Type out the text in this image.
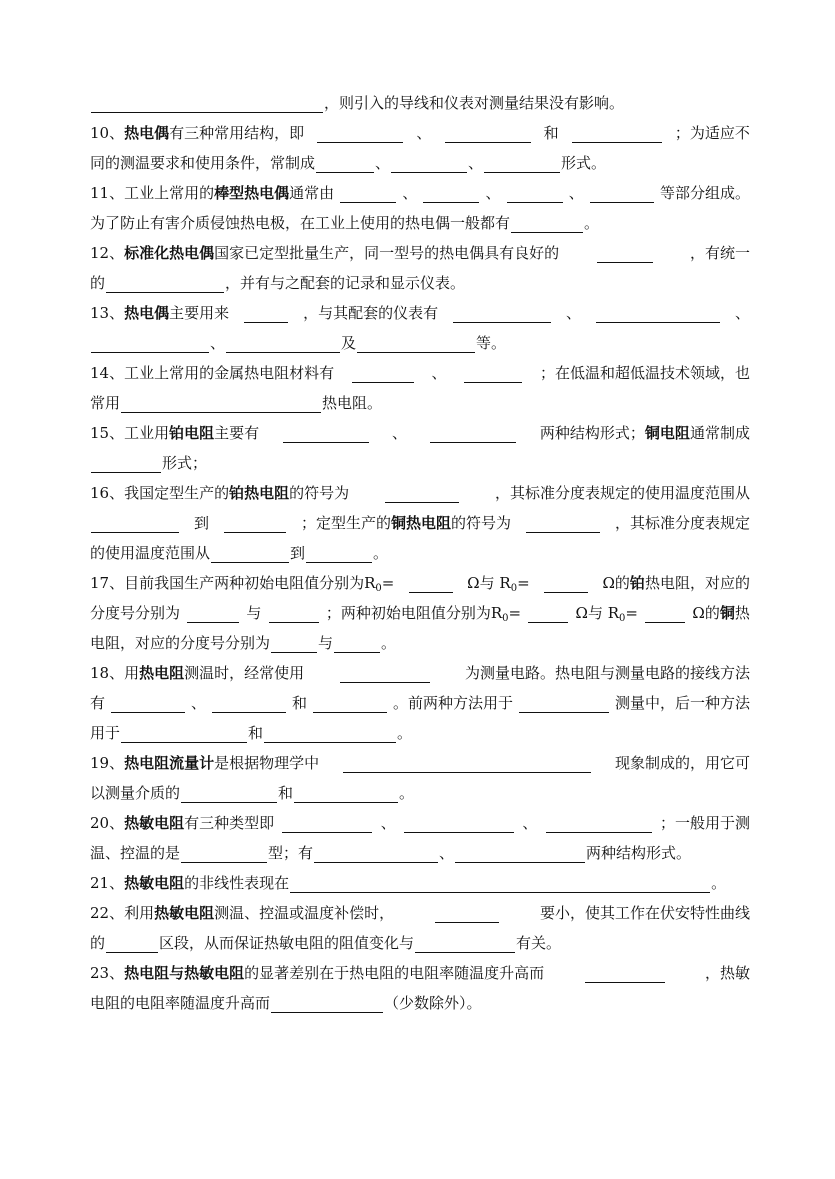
，则引入的导线和仪表对测量结果没有影响。
10、热电偶有三种常用结构，即	、	和	；为适应不
同的测温要求和使用条件，常制成	、	、	形式。
11、工业上常用的棒型热电偶通常由	、	、	、	等部分组成。
为了防止有害介质侵蚀热电极，在工业上使用的热电偶一般都有	。
12、标准化热电偶国家已定型批量生产，同一型号的热电偶具有良好的	，有统一
的	，并有与之配套的记录和显示仪表。
13、热电偶主要用来	，与其配套的仪表有	、	、
、	及	等。
14、工业上常用的金属热电阻材料有	、	；在低温和超低温技术领域，也
常用	热电阻。
15、工业用铂电阻主要有	、	两种结构形式；铜电阻通常制成
形式；
16、我国定型生产的铂热电阻的符号为	，其标准分度表规定的使用温度范围从
到	；定型生产的铜热电阻的符号为	，其标准分度表规定
的使用温度范围从	到	。
17、目前我国生产两种初始电阻值分别为$R_0=$	Ω与 $R_0=$	Ω的铂热电阻，对应的
分度号分别为	与	；两种初始电阻值分别为$R_0=$	Ω与 $R_0=$	Ω的铜热
电阻，对应的分度号分别为	与	。
18、用热电阻测温时，经常使用	为测量电路。热电阻与测量电路的接线方法
有	、	和	。前两种方法用于	测量中，后一种方法
用于	和	。
19、热电阻流量计是根据物理学中	现象制成的，用它可
以测量介质的	和	。
20、热敏电阻有三种类型即	、	、	；一般用于测
温、控温的是	型；有	、	两种结构形式。
21、热敏电阻的非线性表现在	。
22、利用热敏电阻测温、控温或温度补偿时，	要小，使其工作在伏安特性曲线
的	区段，从而保证热敏电阻的阻值变化与	有关。
23、热电阻与热敏电阻的显著差别在于热电阻的电阻率随温度升高而	，热敏
电阻的电阻率随温度升高而	（少数除外）。
